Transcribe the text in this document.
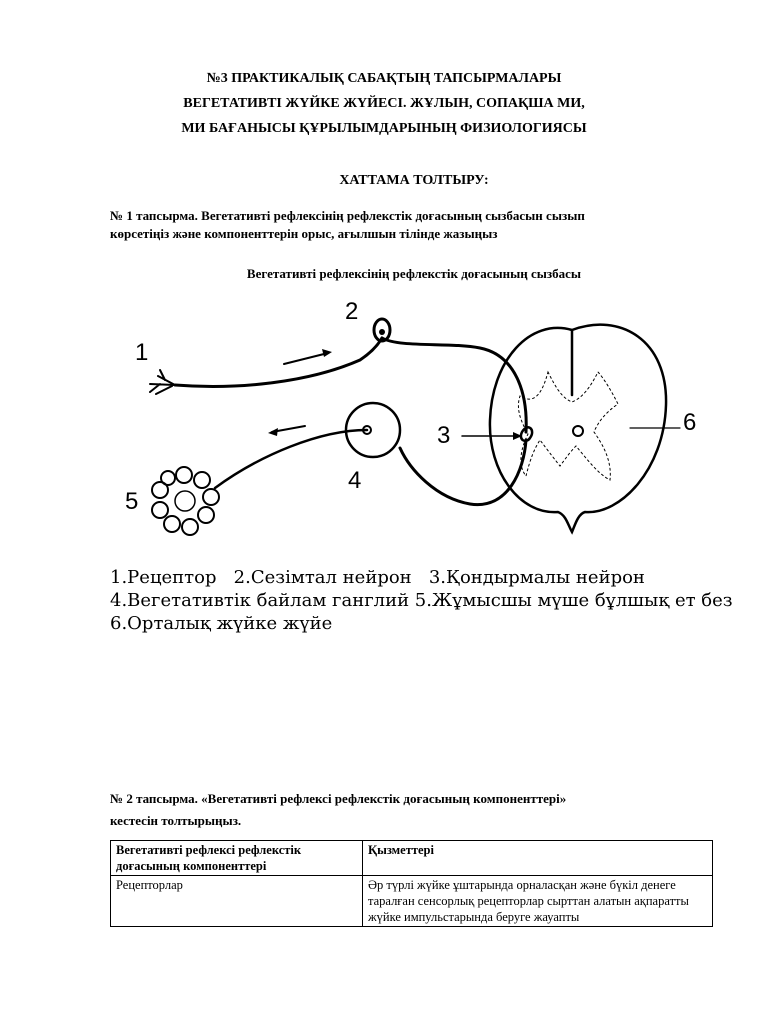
№3 ПРАКТИКАЛЫҚ САБАҚТЫҢ ТАПСЫРМАЛАРЫ
ВЕГЕТАТИВТІ ЖҮЙКЕ ЖҮЙЕСІ. ЖҰЛЫН, СОПАҚША МИ,
МИ БАҒАНЫСЫ ҚҰРЫЛЫМДАРЫНЫҢ ФИЗИОЛОГИЯСЫ
ХАТТАМА ТОЛТЫРУ:
№ 1 тапсырма. Вегетативті рефлексінің рефлекстік доғасының сызбасын сызып
көрсетіңіз және компоненттерін орыс, ағылшын тілінде жазыңыз
Вегетативті рефлексінің рефлекстік доғасының сызбасы
1
2
3
4
5
6
1.Рецептор   2.Сезімтал нейрон   3.Қондырмалы нейрон
4.Вегетативтік байлам ганглий 5.Жұмысшы мүше бұлшық ет без
6.Орталық жүйке жүйе
№ 2 тапсырма. «Вегетативті рефлексі рефлекстік доғасының компоненттері»
кестесін толтырыңыз.
Вегетативті рефлексі рефлекстік доғасының компоненттері	Қызметтері
Рецепторлар	Әр түрлі жүйке ұштарында орналасқан және бүкіл денеге таралған сенсорлық рецепторлар сырттан алатын ақпаратты жүйке импульстарында беруге жауапты
